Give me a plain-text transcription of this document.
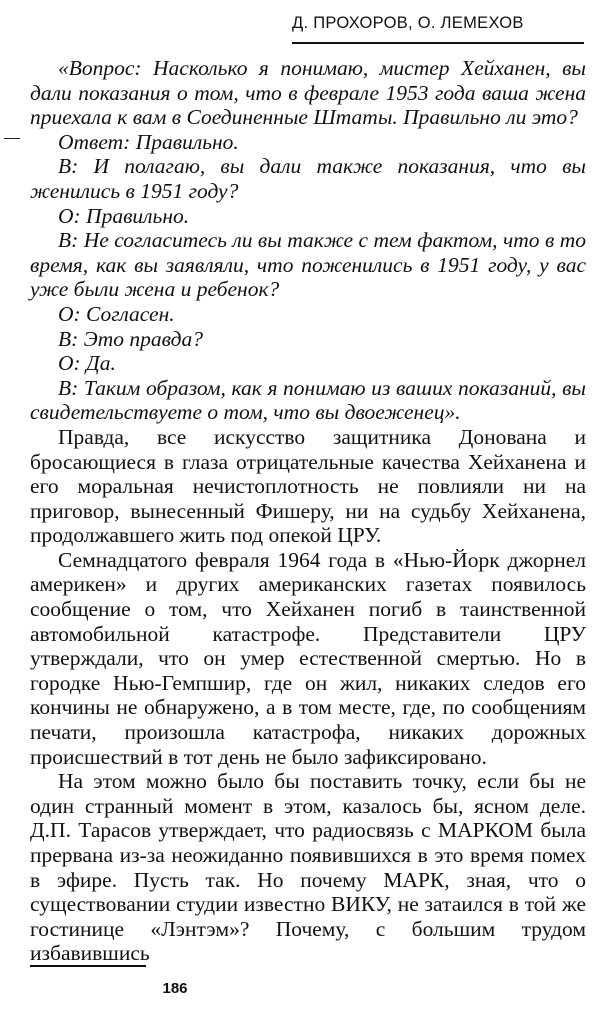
Д. ПРОХОРОВ, О. ЛЕМЕХОВ

«Вопрос: Насколько я понимаю, мистер Хейханен, вы дали показания о том, что в феврале 1953 года ваша жена приехала к вам в Соединенные Штаты. Правильно ли это?

Ответ: Правильно.

В: И полагаю, вы дали также показания, что вы женились в 1951 году?

О: Правильно.

В: Не согласитесь ли вы также с тем фактом, что в то время, как вы заявляли, что поженились в 1951 году, у вас уже были жена и ребенок?

О: Согласен.

В: Это правда?

О: Да.

В: Таким образом, как я понимаю из ваших показаний, вы свидетельствуете о том, что вы двоеженец».

Правда, все искусство защитника Донована и бросающиеся в глаза отрицательные качества Хейханена и его моральная нечистоплотность не повлияли ни на приговор, вынесенный Фишеру, ни на судьбу Хейханена, продолжавшего жить под опекой ЦРУ.

Семнадцатого февраля 1964 года в «Нью-Йорк джорнел америкен» и других американских газетах появилось сообщение о том, что Хейханен погиб в таинственной автомобильной катастрофе. Представители ЦРУ утверждали, что он умер естественной смертью. Но в городке Нью-Гемпшир, где он жил, никаких следов его кончины не обнаружено, а в том месте, где, по сообщениям печати, произошла катастрофа, никаких дорожных происшествий в тот день не было зафиксировано.

На этом можно было бы поставить точку, если бы не один странный момент в этом, казалось бы, ясном деле. Д.П. Тарасов утверждает, что радиосвязь с МАРКОМ была прервана из-за неожиданно появившихся в это время помех в эфире. Пусть так. Но почему МАРК, зная, что о существовании студии известно ВИКУ, не затаился в той же гостинице «Лэнтэм»? Почему, с большим трудом избавившись

186
